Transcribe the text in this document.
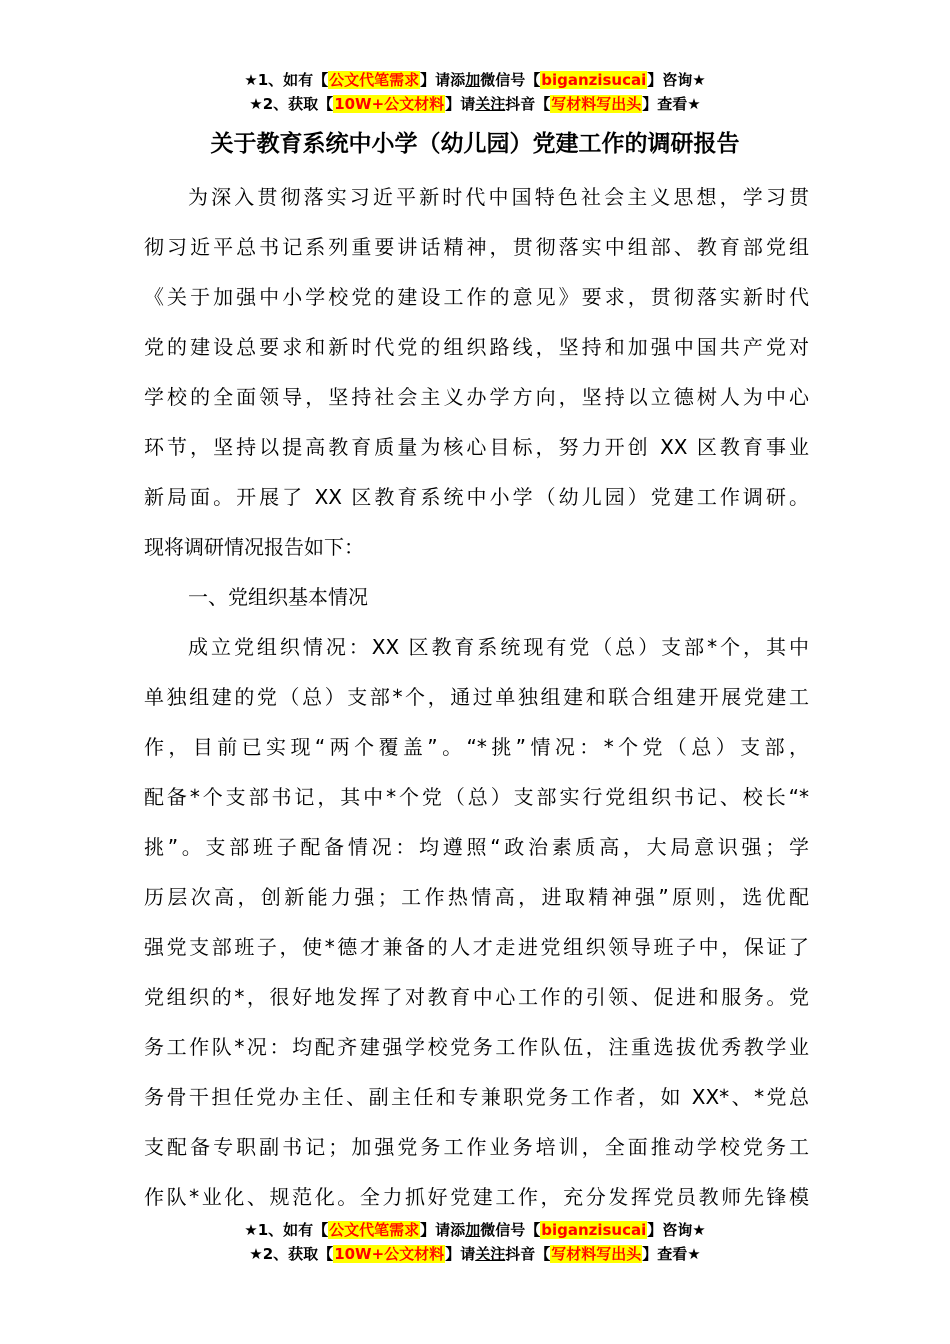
★1、如有【公文代笔需求】请添加微信号【biganzisucai】咨询★
★2、获取【10W+公文材料】请关注抖音【写材料写出头】查看★
关于教育系统中小学（幼儿园）党建工作的调研报告
为深入贯彻落实习近平新时代中国特色社会主义思想，学习贯
彻习近平总书记系列重要讲话精神，贯彻落实中组部、教育部党组
《关于加强中小学校党的建设工作的意见》要求，贯彻落实新时代
党的建设总要求和新时代党的组织路线，坚持和加强中国共产党对
学校的全面领导，坚持社会主义办学方向，坚持以立德树人为中心
环节，坚持以提高教育质量为核心目标，努力开创 XX 区教育事业
新局面。开展了 XX 区教育系统中小学（幼儿园）党建工作调研。
现将调研情况报告如下：
一、党组织基本情况
成立党组织情况：XX 区教育系统现有党（总）支部*个，其中
单独组建的党（总）支部*个，通过单独组建和联合组建开展党建工
作，目前已实现“两个覆盖”。“*挑”情况：*个党（总）支部，
配备*个支部书记，其中*个党（总）支部实行党组织书记、校长“*
挑”。支部班子配备情况：均遵照“政治素质高，大局意识强；学
历层次高，创新能力强；工作热情高，进取精神强”原则，选优配
强党支部班子，使*德才兼备的人才走进党组织领导班子中，保证了
党组织的*，很好地发挥了对教育中心工作的引领、促进和服务。党
务工作队*况：均配齐建强学校党务工作队伍，注重选拔优秀教学业
务骨干担任党办主任、副主任和专兼职党务工作者，如 XX*、*党总
支配备专职副书记；加强党务工作业务培训，全面推动学校党务工
作队*业化、规范化。全力抓好党建工作，充分发挥党员教师先锋模
★1、如有【公文代笔需求】请添加微信号【biganzisucai】咨询★
★2、获取【10W+公文材料】请关注抖音【写材料写出头】查看★
